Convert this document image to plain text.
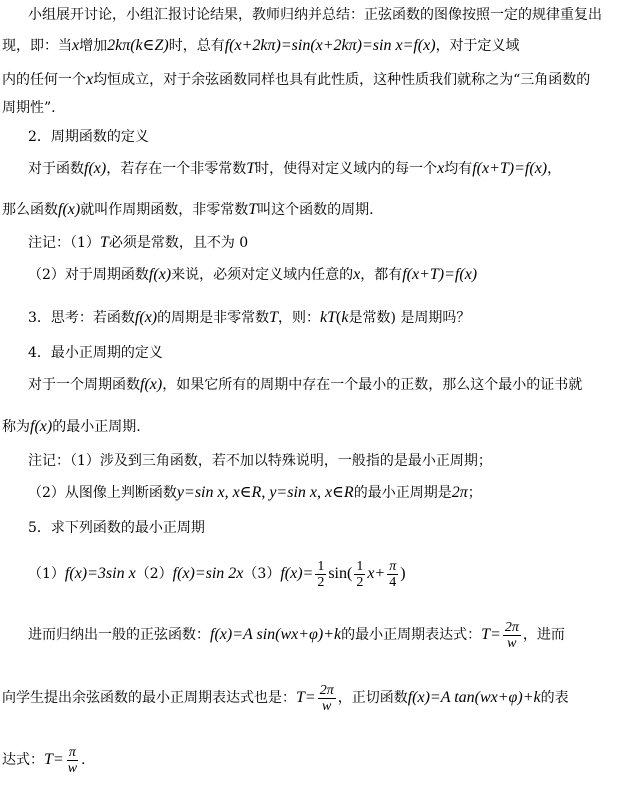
小组展开讨论，小组汇报讨论结果，教师归纳并总结：正弦函数的图像按照一定的规律重复出
现，即：当x增加2kπ(k∈Z)时，总有f(x+2kπ)=sin(x+2kπ)=sin x=f(x)，对于定义域
内的任何一个x均恒成立，对于余弦函数同样也具有此性质，这种性质我们就称之为“三角函数的
周期性”.
2．周期函数的定义
对于函数f(x)，若存在一个非零常数T时，使得对定义域内的每一个x均有f(x+T)=f(x)，
那么函数f(x)就叫作周期函数，非零常数T叫这个函数的周期.
注记：（1）T必须是常数，且不为 0
（2）对于周期函数f(x)来说，必须对定义域内任意的x，都有f(x+T)=f(x)
3．思考：若函数f(x)的周期是非零常数T，则：kT(k是常数) 是周期吗？
4．最小正周期的定义
对于一个周期函数f(x)，如果它所有的周期中存在一个最小的正数，那么这个最小的证书就
称为f(x)的最小正周期.
注记：（1）涉及到三角函数，若不加以特殊说明，一般指的是最小正周期；
（2）从图像上判断函数y=sin x, x∈R, y=sin x, x∈R的最小正周期是2π；
5．求下列函数的最小正周期
（1）f(x)=3sin x（2）f(x)=sin $2x(3)f(x)= \frac{1}{2} \sin( \frac{1}{2} x+ \frac{\pi}{4}$ )
进而归纳出一般的正弦函数：f(x)=A sin(wx+φ)+k的最小正周期表达式：$T= \frac{2\pi}{w}$ ，进而
向学生提出余弦函数的最小正周期表达式也是：$T= \frac{2\pi}{w}$ ，正切函数f(x)=A tan(wx+φ)+k的表
达式：$T= \frac{\pi}{w}$ .
